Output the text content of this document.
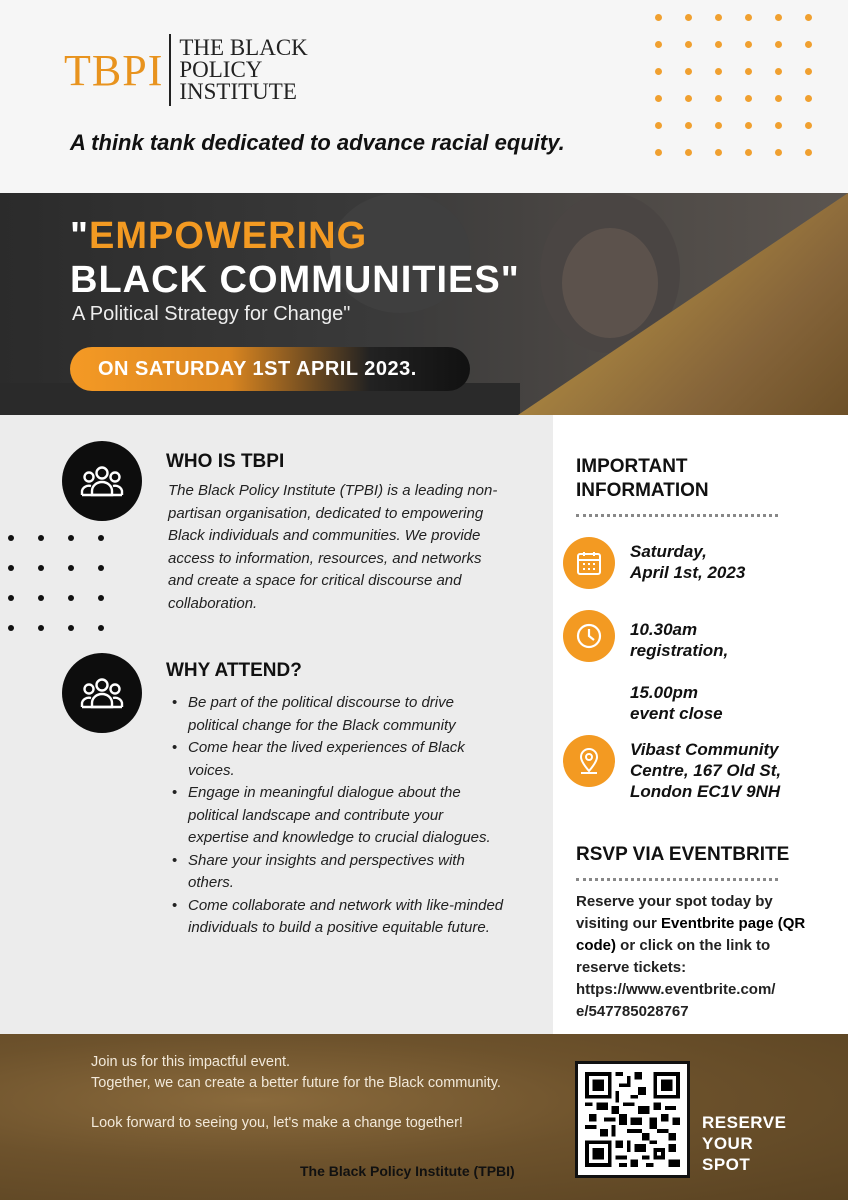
TBPI THE BLACK
POLICY
INSTITUTE
A think tank dedicated to advance racial equity.
"EMPOWERING
BLACK COMMUNITIES"
A Political Strategy for Change"
ON SATURDAY 1ST APRIL 2023.
WHO IS TBPI
The Black Policy Institute (TPBI) is a leading non-partisan organisation, dedicated to empowering Black individuals and communities. We provide access to information, resources, and networks and create a space for critical discourse and collaboration.
WHY ATTEND?
• Be part of the political discourse to drive political change for the Black community
• Come hear the lived experiences of Black voices.
• Engage in meaningful dialogue about the political landscape and contribute your expertise and knowledge to crucial dialogues.
• Share your insights and perspectives with others.
• Come collaborate and network with like-minded individuals to build a positive equitable future.
IMPORTANT
INFORMATION
Saturday,
April 1st, 2023
10.30am
registration,
15.00pm
event close
Vibast Community
Centre, 167 Old St,
London EC1V 9NH
RSVP VIA EVENTBRITE
Reserve your spot today by visiting our Eventbrite page (QR code) or click on the link to reserve tickets: https://www.eventbrite.com/ e/547785028767

Join us for this impactful event.

Together, we can create a better future for the Black community.

Look forward to seeing you, let's make a change together!
The Black Policy Institute (TPBI)
RESERVE
YOUR
SPOT
